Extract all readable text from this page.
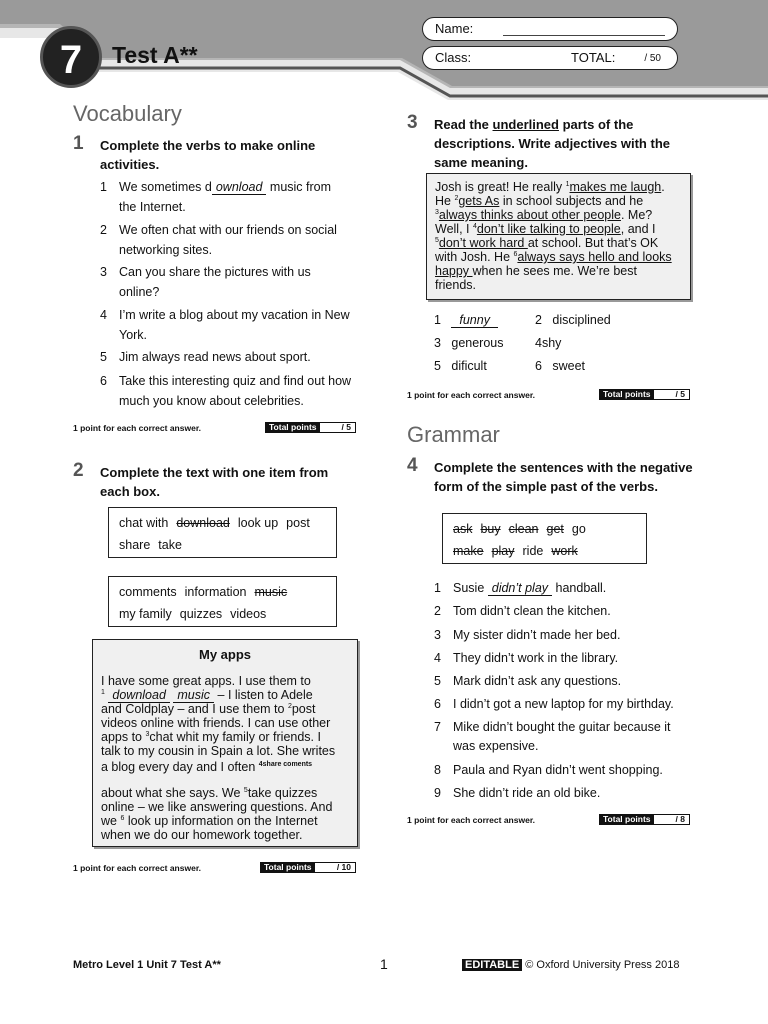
7	Test A**
Name:
Class:	TOTAL:	/ 50
Vocabulary
1 Complete the verbs to make online activities.
1 We sometimes d ownload music from
the Internet.
2 We often chat with our friends on social
networking sites.
3 Can you share the pictures with us
online?
4 I’m write a blog about my vacation in New
York.
5 Jim always read news about sport.
6 Take this interesting quiz and find out how
much you know about celebrities.
1 point for each correct answer.	Total points	/ 5
2 Complete the text with one item from each box.
chat with download look up post
share take
comments information music
my family quizzes videos
My apps
I have some great apps. I use them to
$^1$ download music – I listen to Adele
and Coldplay – and I use them to $^2$post
videos online with friends. I can use other
apps to $^3$chat whit my family or friends. I
talk to my cousin in Spain a lot. She writes
a blog every day and I often $^{4share coments}$
about what she says. We $^5$take quizzes
online – we like answering questions. And
we $^6$ look up information on the Internet
when we do our homework together.
1 point for each correct answer.	Total points	/ 10
3 Read the underlined parts of the descriptions. Write adjectives with the same meaning.
Josh is great! He really $^1$makes me laugh.
He $^2$gets As in school subjects and he
$^3$always thinks about other people. Me?
Well, I $^4$don’t like talking to people, and I
$^5$don’t work hard at school. But that’s OK
with Josh. He $^6$always says hello and looks
happy when he sees me. We’re best
friends.
1 funny	2 disciplined
3 generous	4shy
5 dificult	6 sweet
1 point for each correct answer.	Total points	/ 5
Grammar
4 Complete the sentences with the negative form of the simple past of the verbs.
ask buy clean get go
make play ride work
1 Susie didn’t play handball.
2 Tom didn’t clean the kitchen.
3 My sister didn’t made her bed.
4 They didn’t work in the library.
5 Mark didn’t ask any questions.
6 I didn’t got a new laptop for my birthday.
7 Mike didn’t bought the guitar because it
was expensive.
8 Paula and Ryan didn’t went shopping.
9 She didn’t ride an old bike.
1 point for each correct answer.	Total points	/ 8
Metro Level 1 Unit 7 Test A**	1	EDITABLE © Oxford University Press 2018
